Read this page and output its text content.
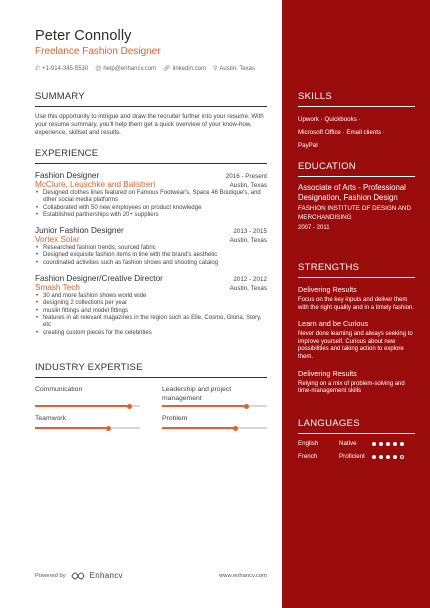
Peter Connolly
Freelance Fashion Designer
✆ +1-914-345-5530 @ help@enhancv.com 🔗︎ linkedin.com ⚲ Austin, Texas
SUMMARY

Use this opportunity to intrigue and draw the recruiter further into your resume. With your resume summary, you'll help them get a quick overview of your know-how, experience, skillset and results.

EXPERIENCE
Fashion Designer	2016 - Present
McClure, Leuschke and Balistreri	Austin, Texas
• Designed clothes lines featured on Famous Footwear's, Space 46 Boutique's, and other social media platforms
• Collaborated with 50 new employees on product knowledge
• Established partnerships with 20+ suppliers
Junior Fashion Designer	2013 - 2015
Vortex Solar	Austin, Texas
• Researched fashion trends, sourced fabric
• Designed exquisite fashion items in line with the brand's aesthetic
• coordinated activities such as fashion shows and shooting catalog
Fashion Designer/Creative Director	2012 - 2012
Smash Tech	Austin, Texas
• 30 and more fashion shows world wide
• designing 2 collections per year
• muslin fittings and model fittings
• features in all relevant magazines in the region such as Elle, Cosmo, Gloria, Story, etc
• creating custom pieces for the celebrities
INDUSTRY EXPERTISE
Communication	Leadership and project management
Teamwork	Problem
Powered by	Enhancv	www.enhancv.com
SKILLS
Upwork · Quickbooks ·
Microsoft Office · Email clients ·
PayPal
EDUCATION
Associate of Arts - Professional Designation, Fashion Design
FASHION INSTITUTE OF DESIGN AND MERCHANDISING
2007 - 2011
STRENGTHS
Delivering Results
Focus on the key inputs and deliver them with the right quality and in a timely fashion.
Learn and be Curious
Never done learning and always seeking to improve yourself. Curious about new possibilities and taking action to explore them.
Delivering Results
Relying on a mix of problem-solving and time-management skills
LANGUAGES
English	Native
French	Proficient
